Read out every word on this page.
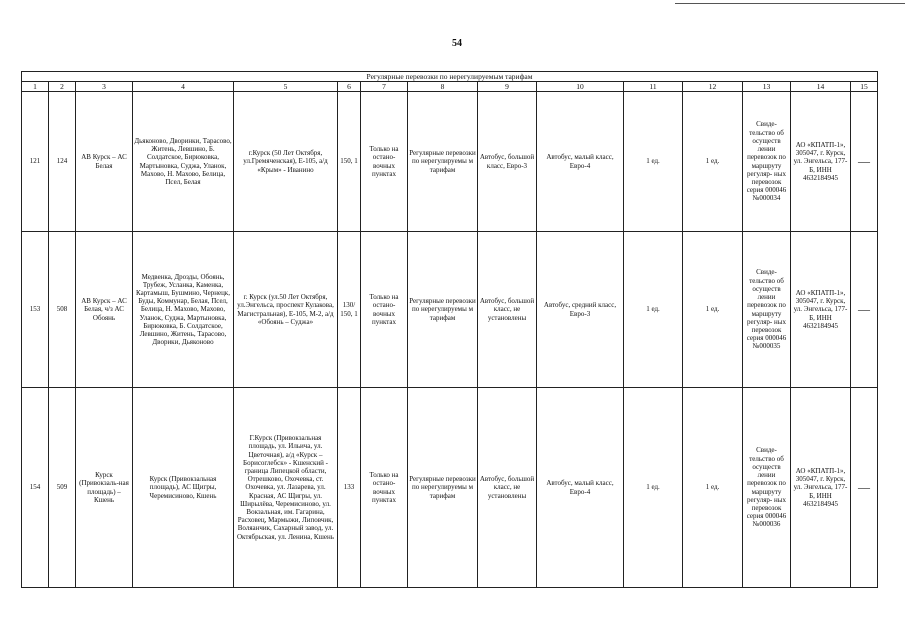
54
Регулярные перевозки по нерегулируемым тарифам														
1	2	3	4	5	6	7	8	9	10	11	12	13	14	15
121	124	АВ Курск – АС Белая	Дьяконово, Дворинки, Тарасово, Житень, Левшино, Б. Солдатское, Бирюковка, Мартыновка, Суджа, Уланок, Махово, Н. Махово, Белица, Псел, Белая	г.Курск (50 Лет Октября, ул.Гремяченская), Е-105, а/д «Крым» - Иванино	150, 1	Только на остано- вочных пунктах	Регулярные перевозки по нерегулируемы м тарифам	Автобус, большой класс, Евро-3	Автобус, малый класс, Евро-4	1 ед.	1 ед.	Свиде- тельство об осуществ лении перевозок по маршруту регуляр- ных перевозок серия 000046 №000034	АО «КПАТП-1», 305047, г. Курск, ул. Энгельса, 177-Б, ИНН 4632184945	—
153	508	АВ Курск – АС Белая, ч/з АС Обоянь	Медвенка, Дрозды, Обоянь, Трубеж, Усланка, Каменка, Картамыш, Бушмино, Чернецк, Буды, Коммунар, Белая, Псел, Белица, Н. Махово, Махово, Уланок, Суджа, Мартыновка, Бирюковка, Б. Солдатское, Левшино, Житень, Тарасово, Дворики, Дьяконово	г. Курск (ул.50 Лет Октября, ул.Энгельса, проспект Кулакова, Магистральная), Е-105, М-2, а/д «Обоянь – Суджа»	130/ 150, 1	Только на остано- вочных пунктах	Регулярные перевозки по нерегулируемы м тарифам	Автобус, большой класс, не установлены	Автобус, средний класс, Евро-3	1 ед.	1 ед.	Свиде- тельство об осуществ лении перевозок по маршруту регуляр- ных перевозок серия 000046 №000035	АО «КПАТП-1», 305047, г. Курск, ул. Энгельса, 177-Б, ИНН 4632184945	—
154	509	Курск (Привокзаль-ная площадь) – Кшень	Курск (Привокзальная площадь), АС Щигры, Черемисиново, Кшень	Г.Курск (Привокзальная площадь, ул. Ильича, ул. Цветочная), а/д «Курск – Борисоглебск» - Кшенский - граница Липецкой области, Отрешково, Охочевка, ст. Охочевка, ул. Лазарева, ул. Красная, АС Щигры, ул. Ширылёва, Черемисиново, ул. Вокзальная, им. Гагарина, Расховец, Мармыжи, Липовчик, Воляанчик, Сахарный завод, ул. Октябрьская, ул. Ленина, Кшень	133	Только на остано- вочных пунктах	Регулярные перевозки по нерегулируемы м тарифам	Автобус, большой класс, не установлены	Автобус, малый класс, Евро-4	1 ед.	1 ед.	Свиде- тельство об осуществ лении перевозок по маршруту регуляр- ных перевозок серия 000046 №000036	АО «КПАТП-1», 305047, г. Курск, ул. Энгельса, 177-Б, ИНН 4632184945	—
